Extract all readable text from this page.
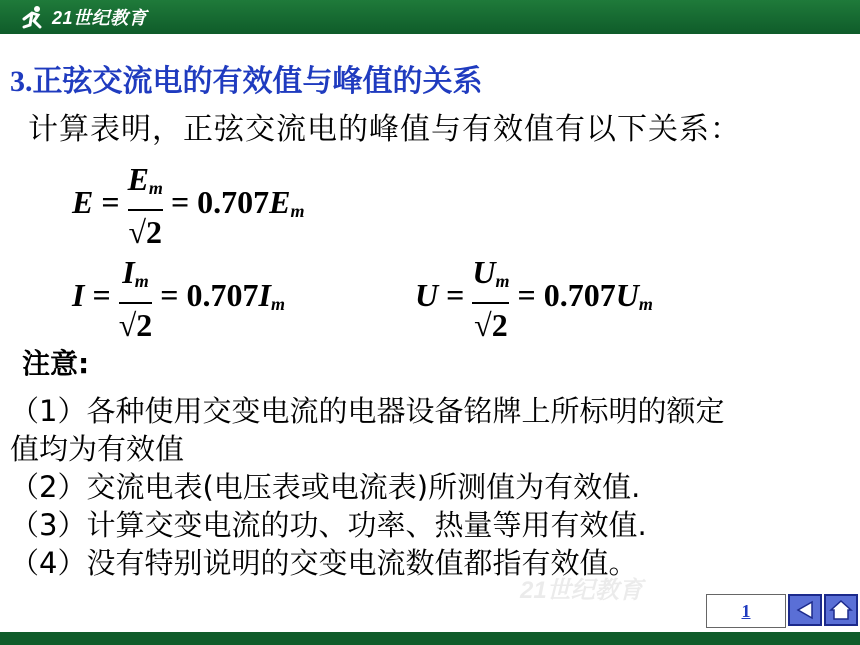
21世纪教育
21世纪教育
3.正弦交流电的有效值与峰值的关系
计算表明，正弦交流电的峰值与有效值有以下关系：
$E = \frac{E_m}{√2} = 0.707E_m$
$I = \frac{I_m}{√2} = 0.707I_m$	$U = \frac{U_m}{√2} = 0.707U_m$
注意:
（1）各种使用交变电流的电器设备铭牌上所标明的额定
值均为有效值
（2）交流电表(电压表或电流表)所测值为有效值.
（3）计算交变电流的功、功率、热量等用有效值.
（4）没有特别说明的交变电流数值都指有效值。
1
